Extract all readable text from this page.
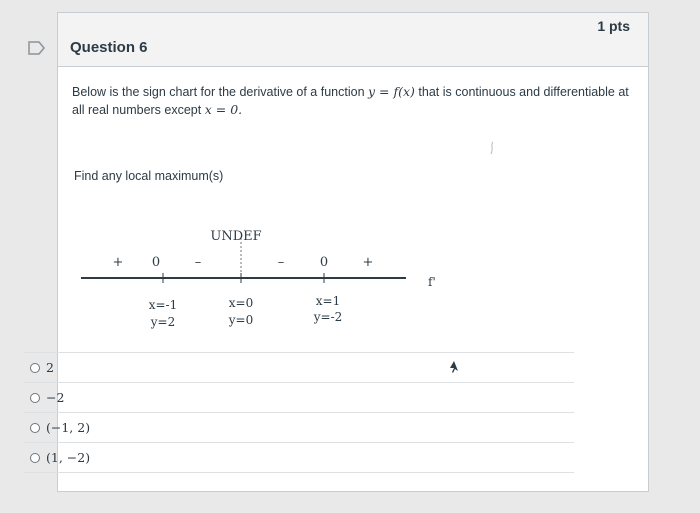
1 pts
Question 6
Below is the sign chart for the derivative of a function y = f(x) that is continuous and differentiable at all real numbers except x = 0.
Find any local maximum(s)
UNDEF
f'
+ 0	–	–	0	+
x=-1
y=2
x=0
y=0
x=1
y=-2
2
−2
(−1, 2)
(1, −2)
